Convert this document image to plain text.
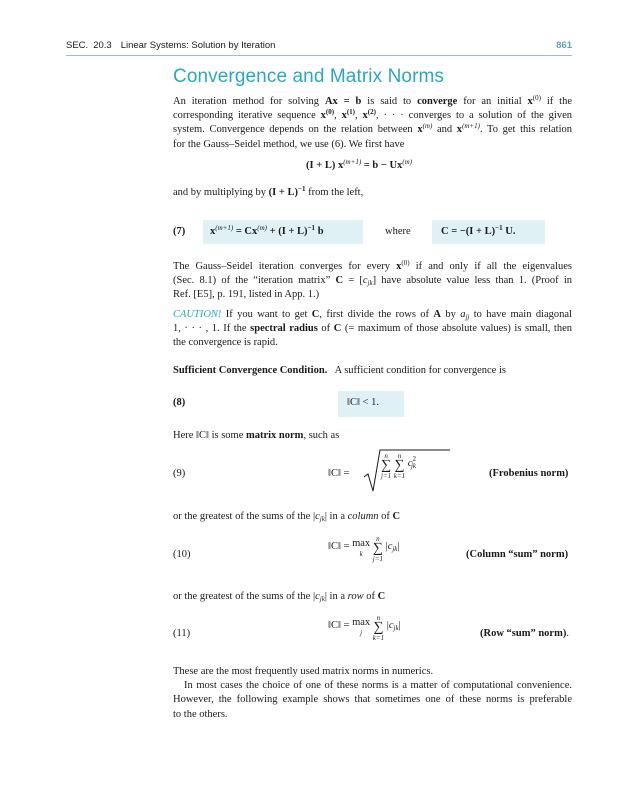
SEC. 20.3 Linear Systems: Solution by Iteration	861
Convergence and Matrix Norms
An iteration method for solving Ax = b is said to converge for an initial $x^{(0)}$ if the
corresponding iterative sequence $x^{(0)}$, $x^{(1)}$, $x^{(2)}$, · · · converges to a solution of the given
system. Convergence depends on the relation between $x^{(m)}$ and $x^{(m+1)}$. To get this relation
for the Gauss–Seidel method, we use (6). We first have
(I + L) $x^{(m+1)} = b - Ux^{(m)}$
and by multiplying by $(I + L)^{-1}$ from the left,
(7) $x^{(m+1)} = Cx^{(m)} + (I + L)^{-1}$ b	where	$C = -(I + L)^{-1}$ U.
The Gauss–Seidel iteration converges for every $x^{(0)}$ if and only if all the eigenvalues
(Sec. 8.1) of the “iteration matrix” $C = [c_{jk}]$ have absolute value less than 1. (Proof in
Ref. [E5], p. 191, listed in App. 1.)
CAUTION! If you want to get C, first divide the rows of A by $a_{jj}$ to have main diagonal
1, · · · , 1. If the spectral radius of C (= maximum of those absolute values) is small, then
the convergence is rapid.
Sufficient Convergence Condition.   A sufficient condition for convergence is
(8)	‖C‖ < 1.
Here ‖C‖ is some matrix norm, such as
(9)	‖C‖ =
n
∑
j=1

n
∑
k=1
$c^2_{jk}$
(Frobenius norm)
or the greatest of the sums of the $|c_{jk}|$ in a column of C
(10)
‖C‖ = max
k

n
∑
j=1
$|c_{jk}|$
(Column “sum” norm)
or the greatest of the sums of the $|c_{jk}|$ in a row of C
(11)
‖C‖ = max
j

n
∑
k=1
$|c_{jk}|$
(Row “sum” norm).
These are the most frequently used matrix norms in numerics.
In most cases the choice of one of these norms is a matter of computational convenience.
However, the following example shows that sometimes one of these norms is preferable
to the others.
